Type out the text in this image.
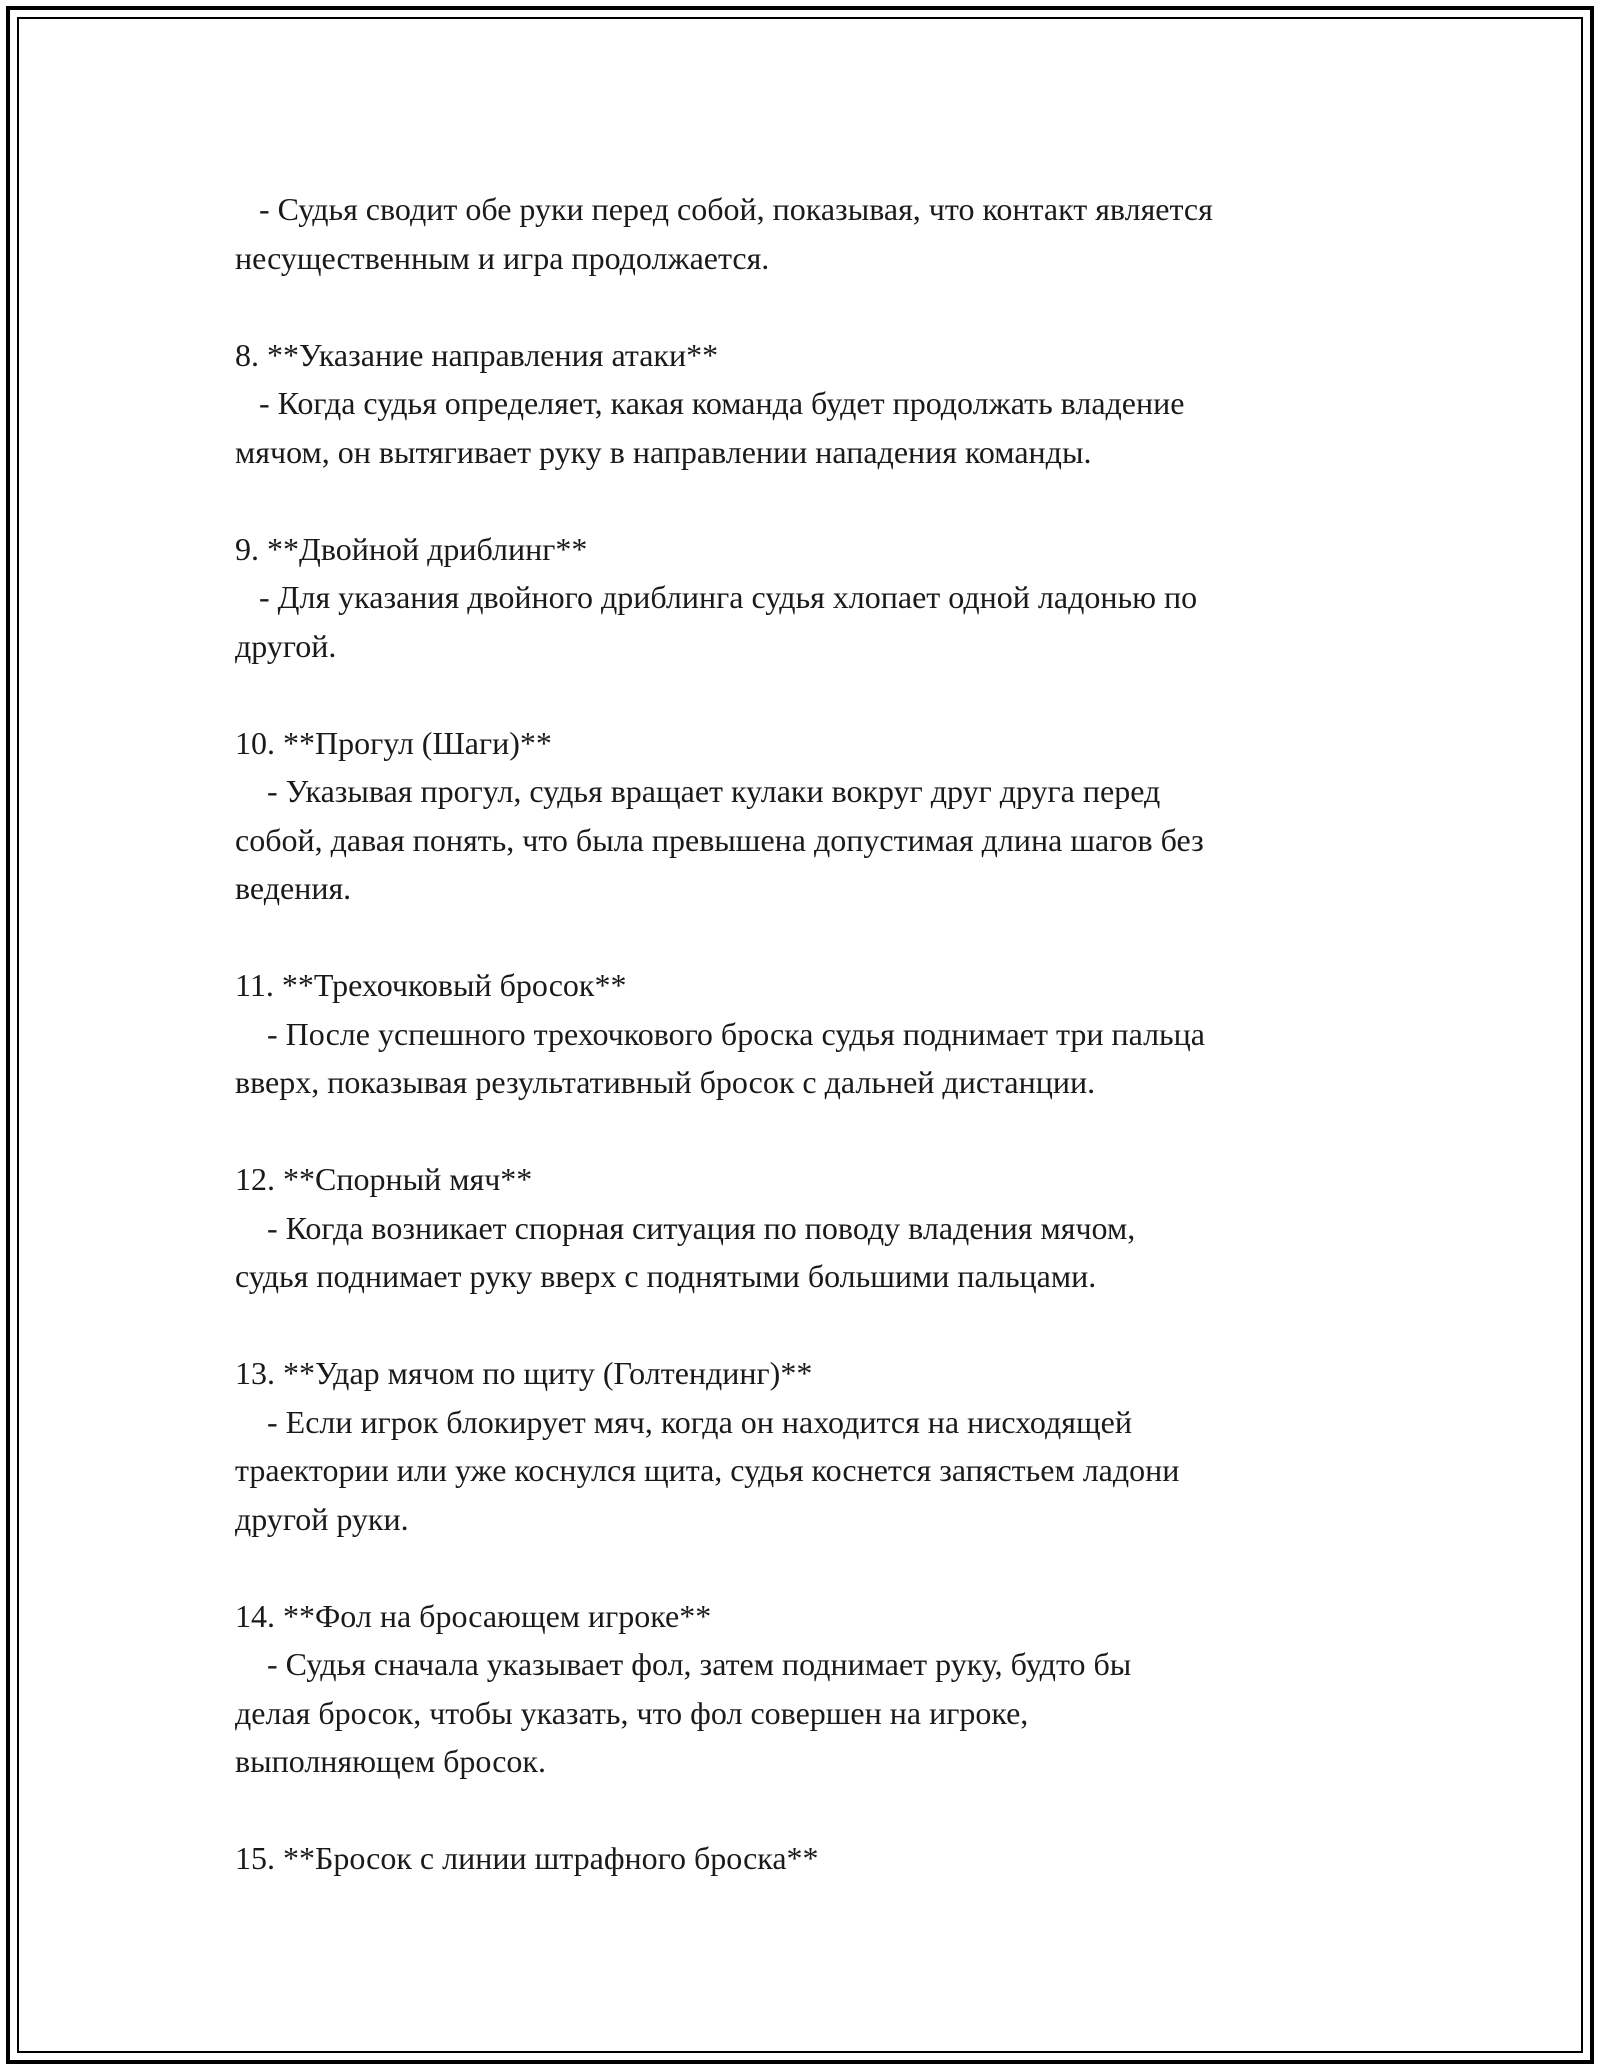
- Судья сводит обе руки перед собой, показывая, что контакт является

несущественным и игра продолжается.

8. **Указание направления атаки**

- Когда судья определяет, какая команда будет продолжать владение

мячом, он вытягивает руку в направлении нападения команды.

9. **Двойной дриблинг**

- Для указания двойного дриблинга судья хлопает одной ладонью по

другой.

10. **Прогул (Шаги)**

- Указывая прогул, судья вращает кулаки вокруг друг друга перед

собой, давая понять, что была превышена допустимая длина шагов без

ведения.

11. **Трехочковый бросок**

- После успешного трехочкового броска судья поднимает три пальца

вверх, показывая результативный бросок с дальней дистанции.

12. **Спорный мяч**

- Когда возникает спорная ситуация по поводу владения мячом,

судья поднимает руку вверх с поднятыми большими пальцами.

13. **Удар мячом по щиту (Голтендинг)**

- Если игрок блокирует мяч, когда он находится на нисходящей

траектории или уже коснулся щита, судья коснется запястьем ладони

другой руки.

14. **Фол на бросающем игроке**

- Судья сначала указывает фол, затем поднимает руку, будто бы

делая бросок, чтобы указать, что фол совершен на игроке,

выполняющем бросок.

15. **Бросок с линии штрафного броска**
